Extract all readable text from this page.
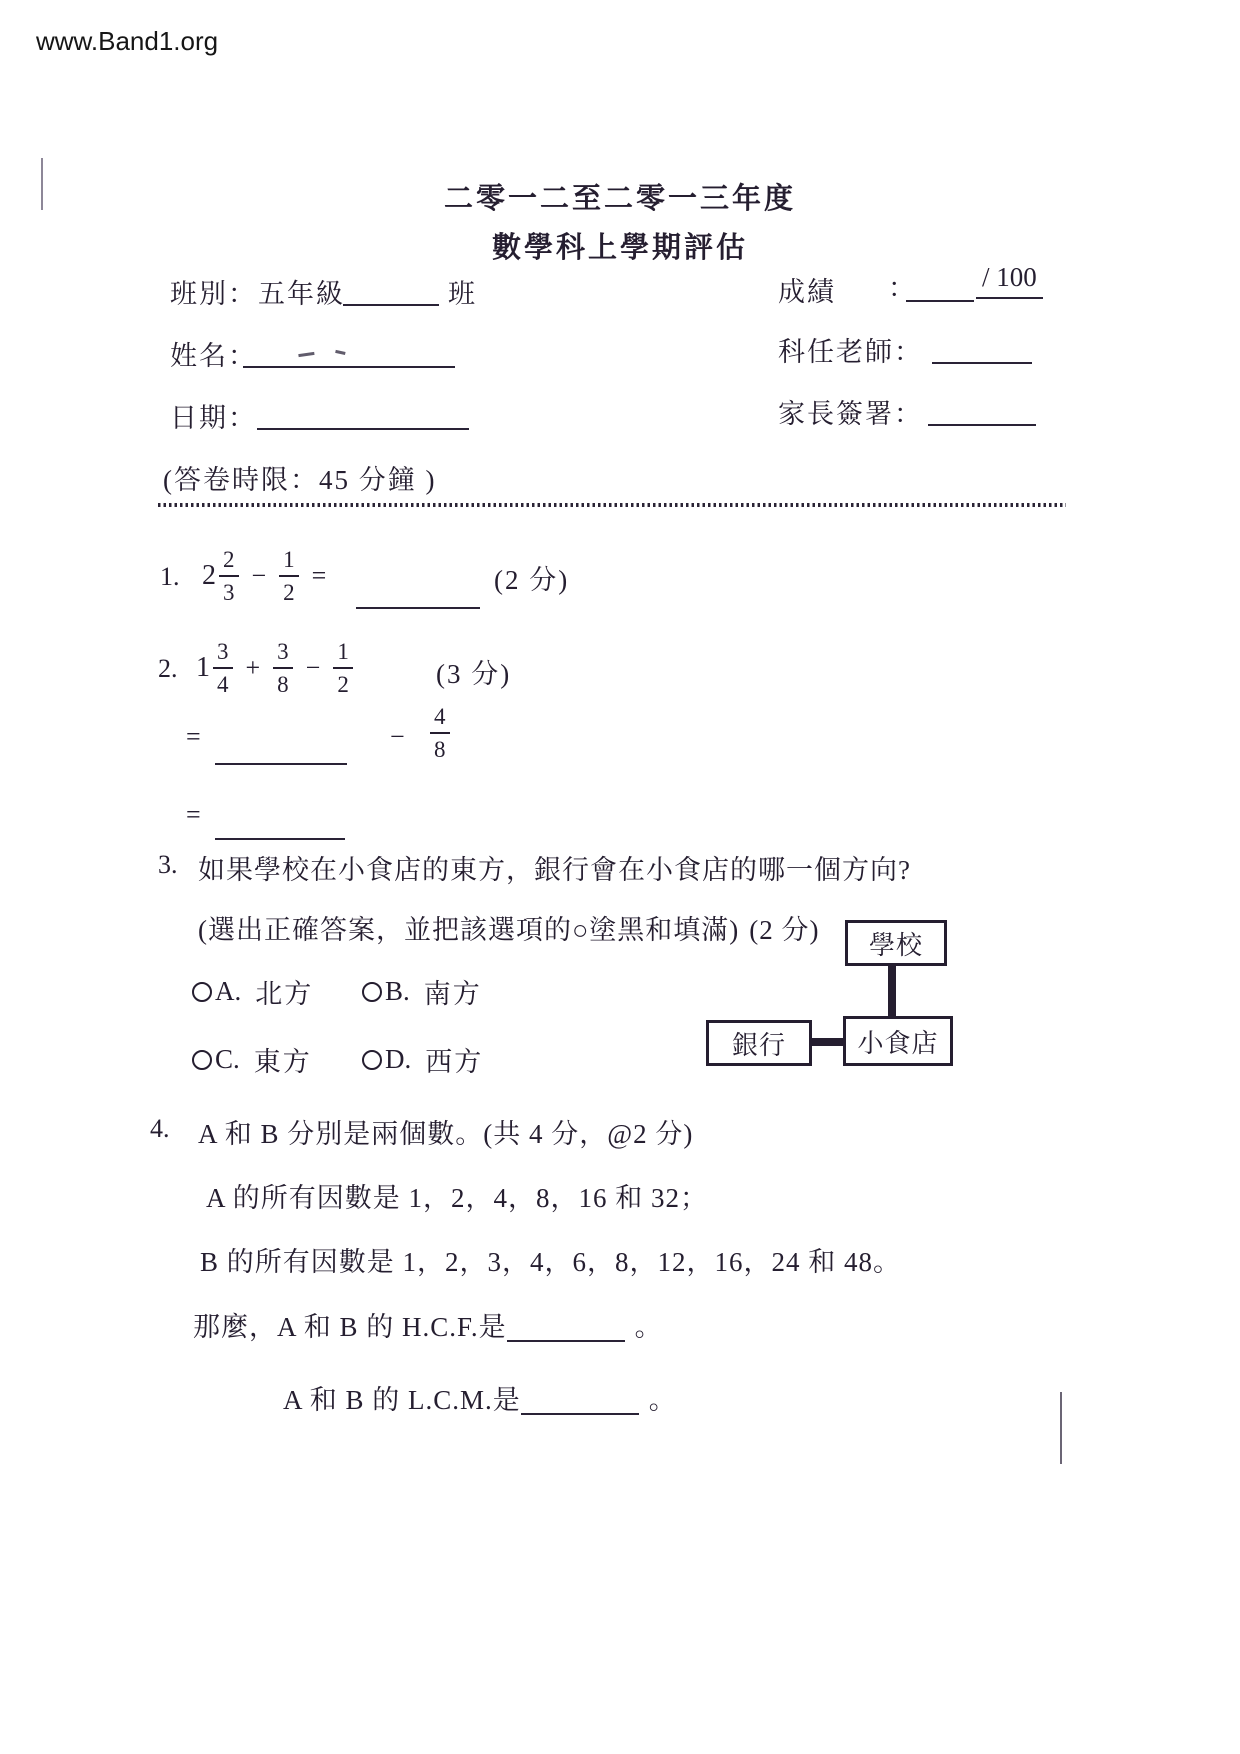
www.Band1.org
二零一二至二零一三年度
數學科上學期評估
班別： 五年級	班	成績 ： / 100
姓名：	科任老師：
日期：	家長簽署：
(答卷時限：45 分鐘 )
1. $2 \frac{2}{3} - \frac{1}{2}$ =	(2 分)
2. $1 \frac{3}{4} + \frac{3}{8} - \frac{1}{2}$	(3 分)
=	− $\frac{4}{8}$
=
3. 如果學校在小食店的東方，銀行會在小食店的哪一個方向?
(選出正確答案，並把該選項的○塗黑和填滿) (2 分)
A. 北方	B. 南方
C. 東方	D. 西方
學校
小食店
銀行
4. A 和 B 分別是兩個數。(共 4 分，@2 分)
A 的所有因數是 1，2，4，8，16 和 32；
B 的所有因數是 1，2，3，4，6，8，12，16，24 和 48。
那麼，A 和 B 的 H.C.F.是	。
A 和 B 的 L.C.M.是	。
